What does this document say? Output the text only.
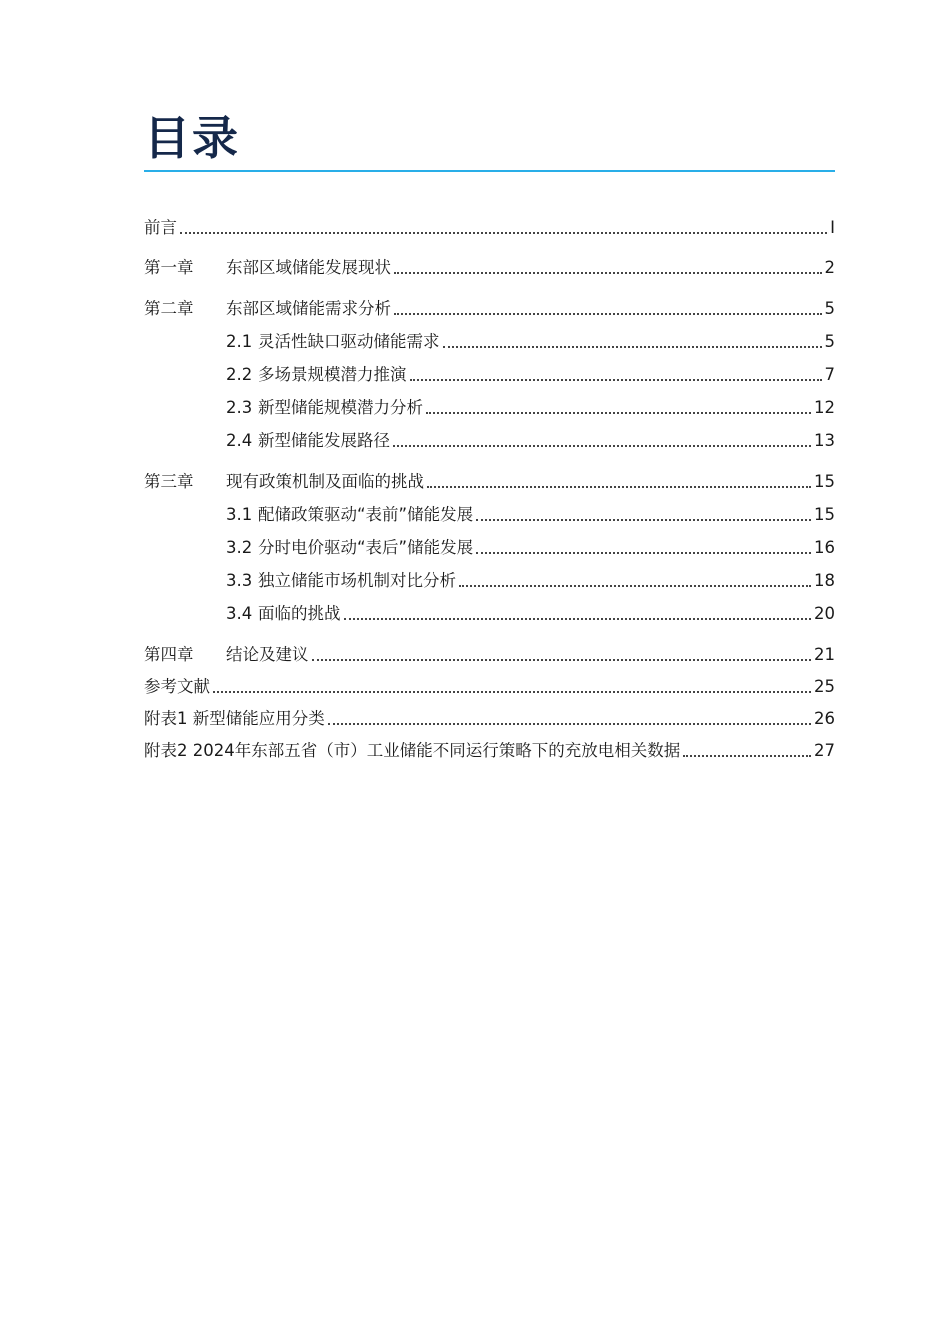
目录
前言	I
第一章	东部区域储能发展现状	2
第二章	东部区域储能需求分析	5
2.1 灵活性缺口驱动储能需求	5
2.2 多场景规模潜力推演	7
2.3 新型储能规模潜力分析	12
2.4 新型储能发展路径	13
第三章	现有政策机制及面临的挑战	15
3.1 配储政策驱动“表前”储能发展	15
3.2 分时电价驱动“表后”储能发展	16
3.3 独立储能市场机制对比分析	18
3.4 面临的挑战	20
第四章	结论及建议	21
参考文献	25
附表1 新型储能应用分类	26
附表2 2024年东部五省（市）工业储能不同运行策略下的充放电相关数据	27
